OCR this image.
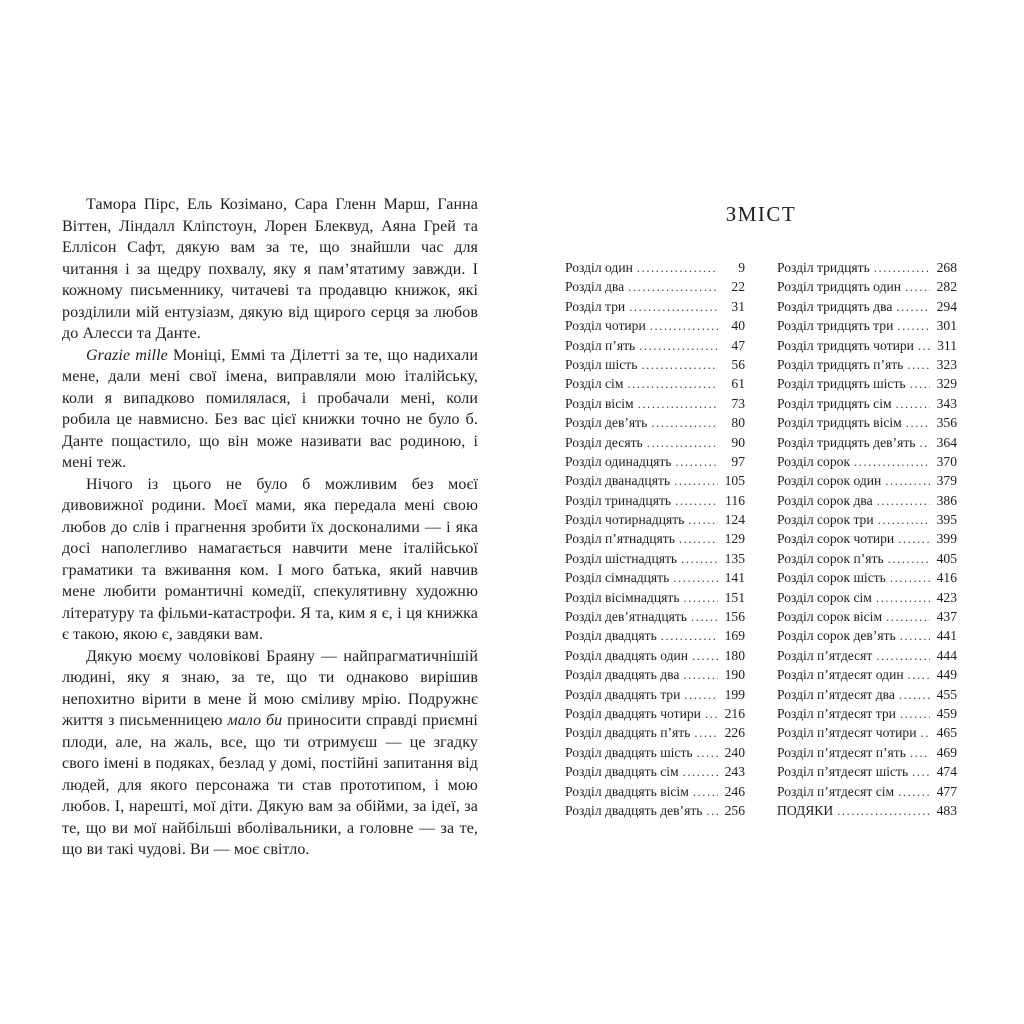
Тамора Пірс, Ель Козімано, Сара Гленн Марш, Ганна Віттен, Ліндалл Кліпстоун, Лорен Блеквуд, Аяна Грей та Еллісон Сафт, дякую вам за те, що знайшли час для читання і за щедру похвалу, яку я пам’ятатиму завжди. І кожному письменнику, читачеві та продавцю книжок, які розділили мій ентузіазм, дякую від щирого серця за любов до Алесси та Данте.

Grazie mille Моніці, Еммі та Ділетті за те, що надихали мене, дали мені свої імена, виправляли мою італійську, коли я випадково помилялася, і пробачали мені, коли робила це навмисно. Без вас цієї книжки точно не було б. Данте пощастило, що він може називати вас родиною, і мені теж.

Нічого із цього не було б можливим без моєї дивовижної родини. Моєї мами, яка передала мені свою любов до слів і прагнення зробити їх досконалими — і яка досі наполегливо намагається навчити мене італійської граматики та вживання ком. І мого батька, який навчив мене любити романтичні комедії, спекулятивну художню літературу та фільми-катастрофи. Я та, ким я є, і ця книжка є такою, якою є, завдяки вам.

Дякую моєму чоловікові Браяну — найпрагматичнішій людині, яку я знаю, за те, що ти однаково вирішив непохитно вірити в мене й мою сміливу мрію. Подружнє життя з письменницею мало би приносити справді приємні плоди, але, на жаль, все, що ти отримуєш — це згадку свого імені в подяках, безлад у домі, постійні запитання від людей, для якого персонажа ти став прототипом, і мою любов. І, нарешті, мої діти. Дякую вам за обійми, за ідеї, за те, що ви мої найбільші вболівальники, а головне — за те, що ви такі чудові. Ви — моє світло.

ЗМІСТ
Розділ один .....	9
Розділ два .....	22
Розділ три .....	31
Розділ чотири .....	40
Розділ п’ять .....	47
Розділ шість .....	56
Розділ сім .....	61
Розділ вісім .....	73
Розділ дев’ять .....	80
Розділ десять .....	90
Розділ одинадцять .....	97
Розділ дванадцять .....	105
Розділ тринадцять .....	116
Розділ чотирнадцять .....	124
Розділ п’ятнадцять .....	129
Розділ шістнадцять .....	135
Розділ сімнадцять .....	141
Розділ вісімнадцять .....	151
Розділ дев’ятнадцять .....	156
Розділ двадцять .....	169
Розділ двадцять один .....	180
Розділ двадцять два .....	190
Розділ двадцять три .....	199
Розділ двадцять чотири ..... 216
Розділ двадцять п’ять .....	226
Розділ двадцять шість ..... 240
Розділ двадцять сім .....	243
Розділ двадцять вісім .....	246
Розділ двадцять дев’ять ..... 256
Розділ тридцять .....	268
Розділ тридцять один .....	282
Розділ тридцять два .....	294
Розділ тридцять три .....	301
Розділ тридцять чотири .....	311
Розділ тридцять п’ять ..... 323
Розділ тридцять шість ..... 329
Розділ тридцять сім .....	343
Розділ тридцять вісім .....	356
Розділ тридцять дев’ять ..... 364
Розділ сорок .....	370
Розділ сорок один .....	379
Розділ сорок два .....	386
Розділ сорок три .....	395
Розділ сорок чотири .....	399
Розділ сорок п’ять .....	405
Розділ сорок шість .....	416
Розділ сорок сім .....	423
Розділ сорок вісім .....	437
Розділ сорок дев’ять .....	441
Розділ п’ятдесят .....	444
Розділ п’ятдесят один ..... 449
Розділ п’ятдесят два .....	455
Розділ п’ятдесят три .....	459
Розділ п’ятдесят чотири ..... 465
Розділ п’ятдесят п’ять ..... 469
Розділ п’ятдесят шість ..... 474
Розділ п’ятдесят сім .....	477
ПОДЯКИ .....	483
